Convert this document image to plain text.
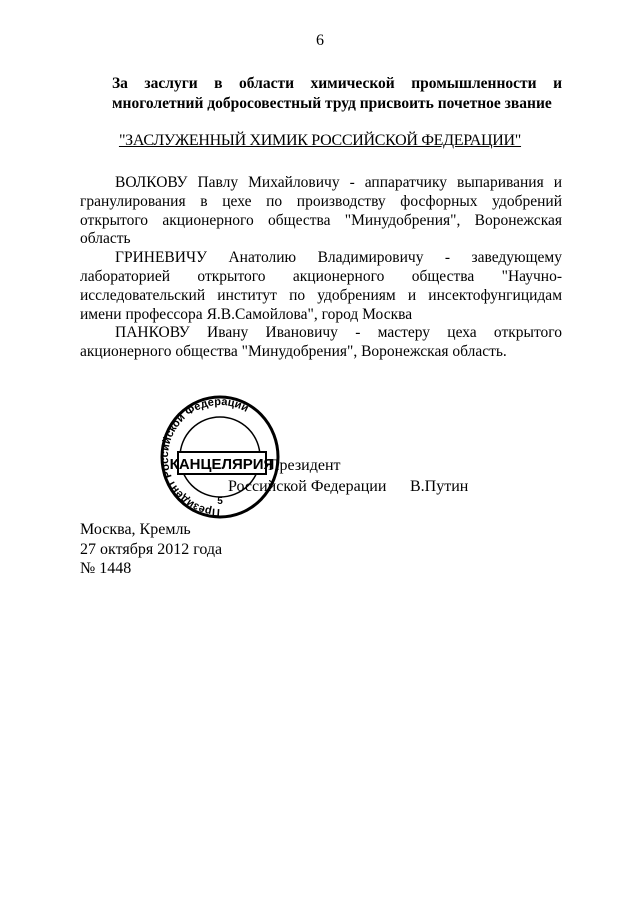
6
За заслуги в области химической промышленности и
многолетний добросовестный труд присвоить почетное звание
"ЗАСЛУЖЕННЫЙ ХИМИК РОССИЙСКОЙ ФЕДЕРАЦИИ"
ВОЛКОВУ Павлу Михайловичу - аппаратчику выпаривания и
гранулирования в цехе по производству фосфорных удобрений
открытого акционерного общества "Минудобрения", Воронежская
область
ГРИНЕВИЧУ Анатолию Владимировичу - заведующему
лабораторией открытого акционерного общества "Научно-
исследовательский институт по удобрениям и инсектофунгицидам
имени профессора Я.В.Самойлова", город Москва
ПАНКОВУ Ивану Ивановичу - мастеру цеха открытого
акционерного общества "Минудобрения", Воронежская область.
Президент Российской Федерации
КАНЦЕЛЯРИЯ
5
Президент
Российской Федерации	В.Путин
Москва, Кремль
27 октября 2012 года
№ 1448
